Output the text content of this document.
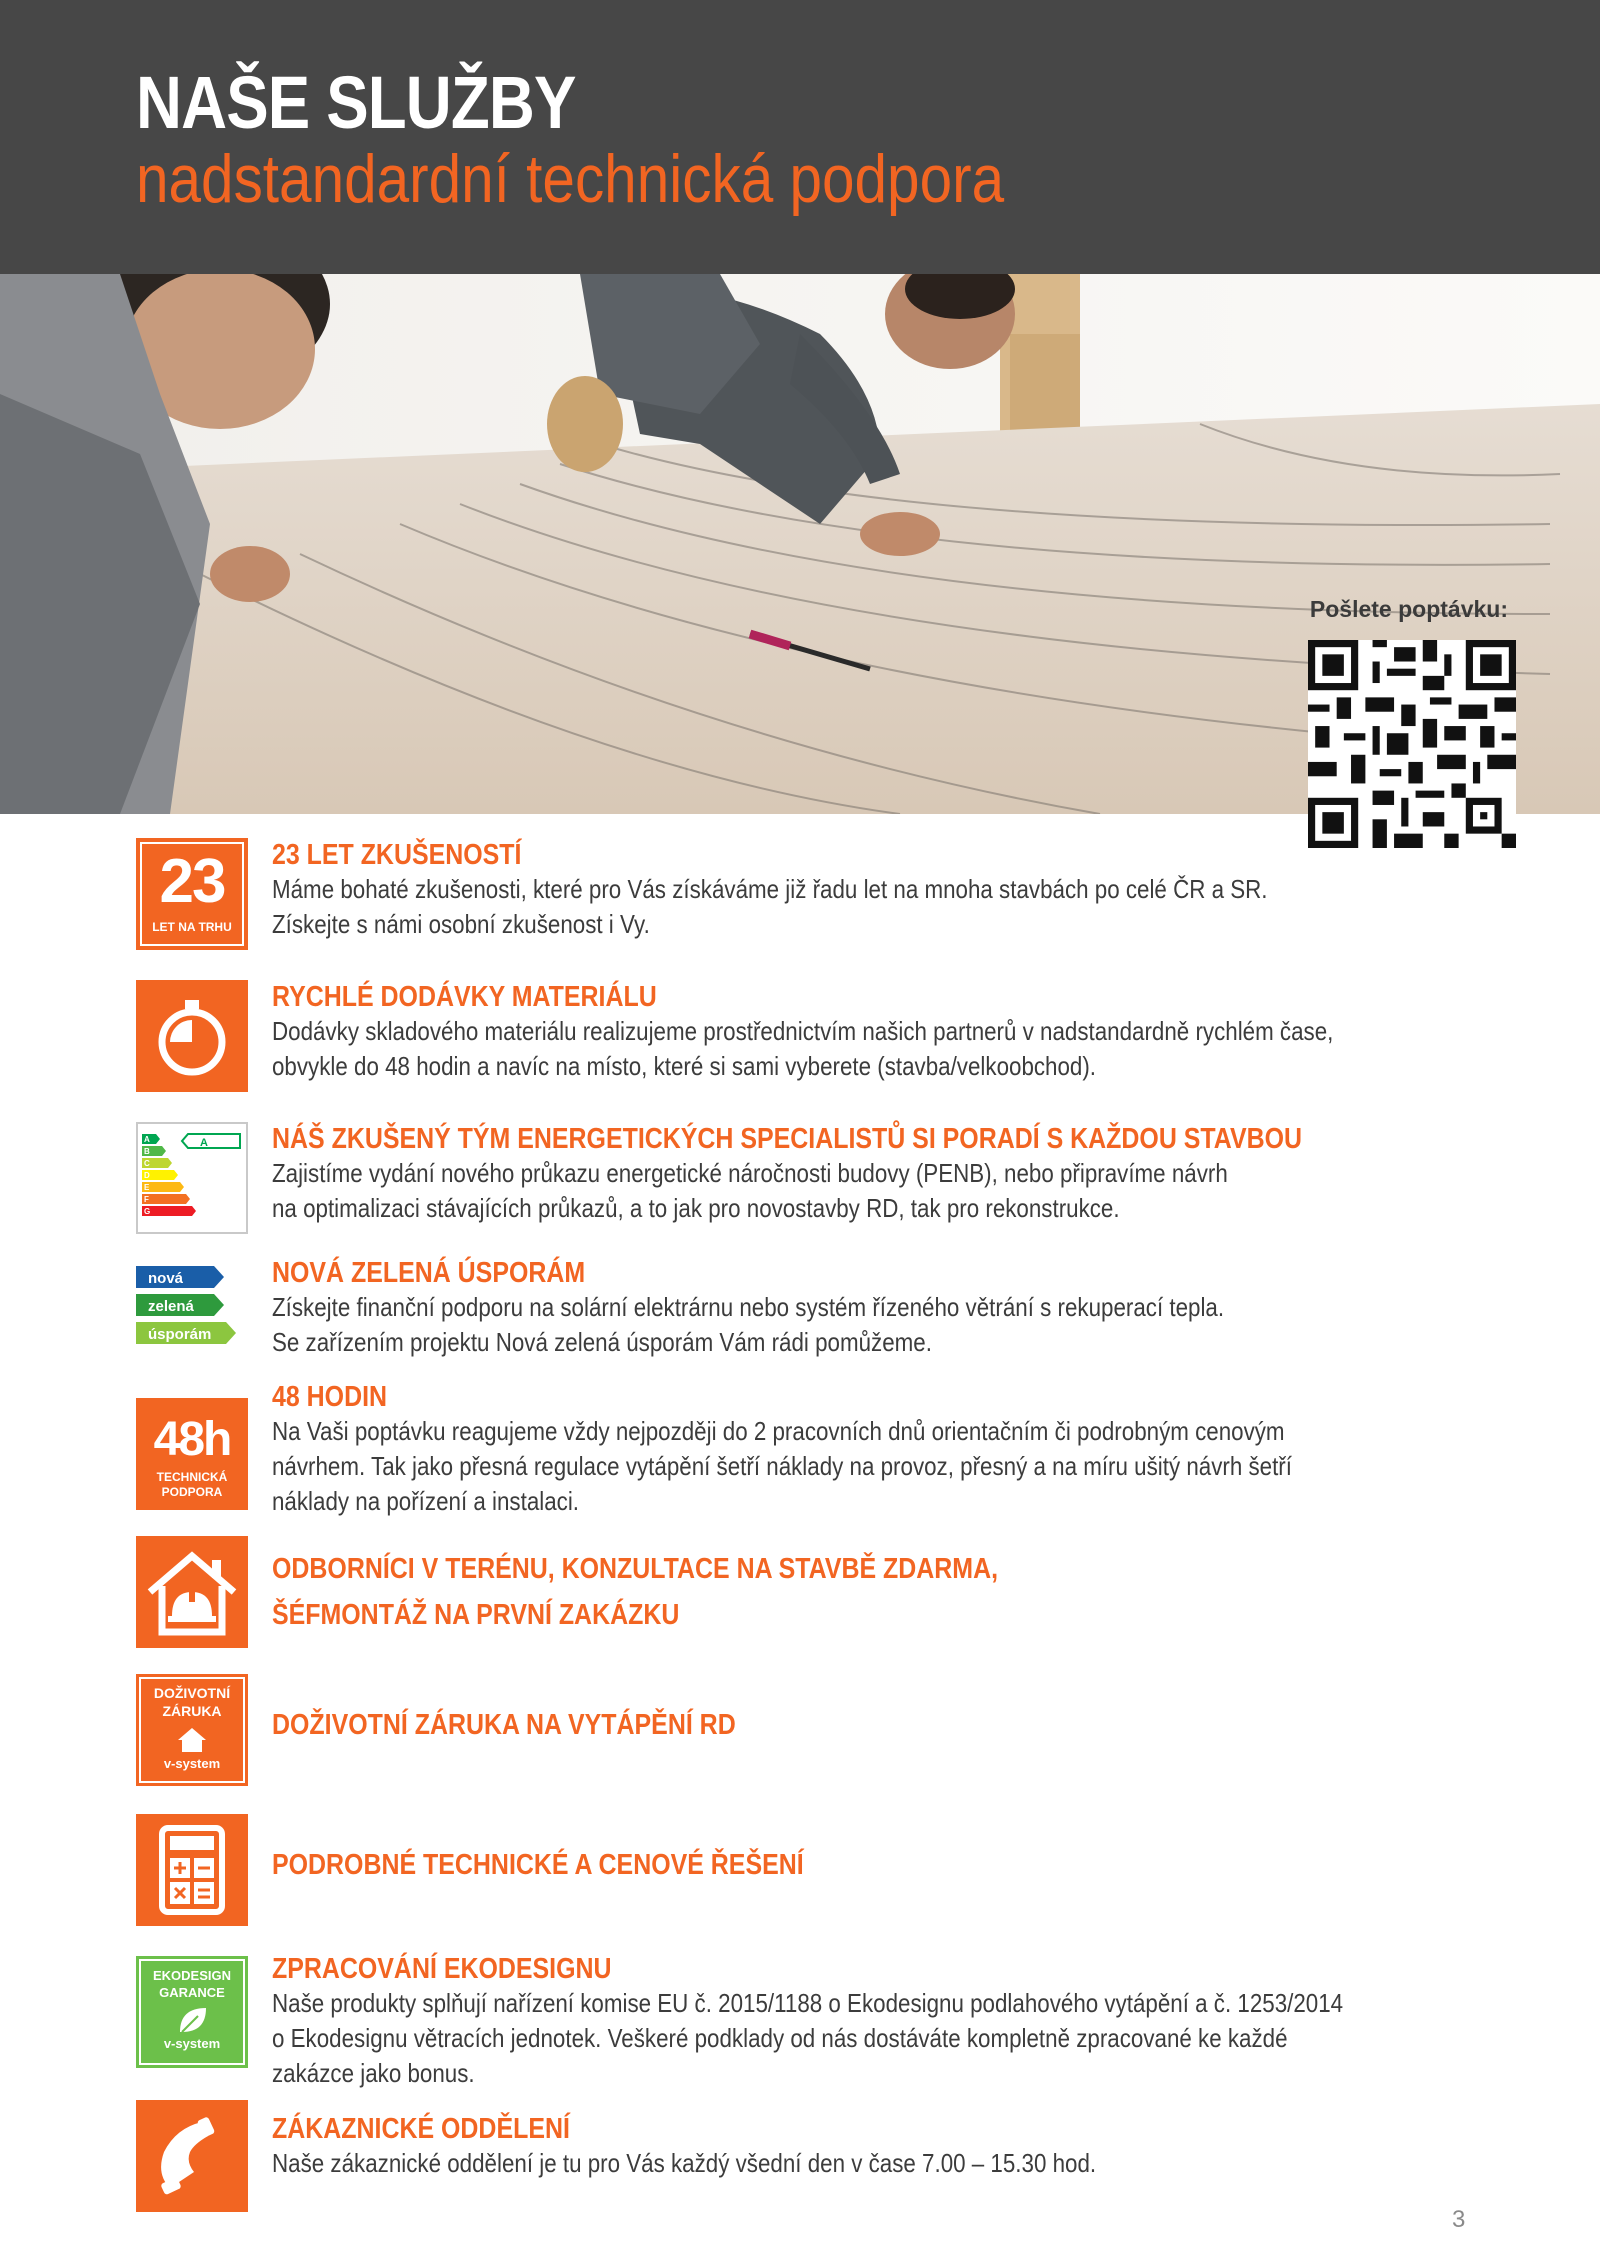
NAŠE SLUŽBY
nadstandardní technická podpora
Pošlete poptávku:
23
LET NA TRHU
23 LET ZKUŠENOSTÍ

Máme bohaté zkušenosti, které pro Vás získáváme již řadu let na mnoha stavbách po celé ČR a SR.

Získejte s námi osobní zkušenost i Vy.

RYCHLÉ DODÁVKY MATERIÁLU

Dodávky skladového materiálu realizujeme prostřednictvím našich partnerů v nadstandardně rychlém čase,

obvykle do 48 hodin a navíc na místo, které si sami vyberete (stavba/velkoobchod).

A
B
C
D
E
F
G
A NÁŠ ZKUŠENÝ TÝM ENERGETICKÝCH SPECIALISTŮ SI PORADÍ S KAŽDOU STAVBOU

Zajistíme vydání nového průkazu energetické náročnosti budovy (PENB), nebo připravíme návrh

na optimalizaci stávajících průkazů, a to jak pro novostavby RD, tak pro rekonstrukce.

nová
zelená
úsporám
NOVÁ ZELENÁ ÚSPORÁM

Získejte finanční podporu na solární elektrárnu nebo systém řízeného větrání s rekuperací tepla.

Se zařízením projektu Nová zelená úsporám Vám rádi pomůžeme.

48h
TECHNICKÁ
PODPORA
48 HODIN

Na Vaši poptávku reagujeme vždy nejpozději do 2 pracovních dnů orientačním či podrobným cenovým

návrhem. Tak jako přesná regulace vytápění šetří náklady na provoz, přesný a na míru ušitý návrh šetří

náklady na pořízení a instalaci.

ODBORNÍCI V TERÉNU, KONZULTACE NA STAVBĚ ZDARMA,
ŠÉFMONTÁŽ NA PRVNÍ ZAKÁZKU
DOŽIVOTNÍ
ZÁRUKA
v-system
DOŽIVOTNÍ ZÁRUKA NA VYTÁPĚNÍ RD
PODROBNÉ TECHNICKÉ A CENOVÉ ŘEŠENÍ
EKODESIGN
GARANCE
v-system
ZPRACOVÁNÍ EKODESIGNU

Naše produkty splňují nařízení komise EU č. 2015/1188 o Ekodesignu podlahového vytápění a č. 1253/2014

o Ekodesignu větracích jednotek. Veškeré podklady od nás dostáváte kompletně zpracované ke každé

zakázce jako bonus.

ZÁKAZNICKÉ ODDĚLENÍ

Naše zákaznické oddělení je tu pro Vás každý všední den v čase 7.00 – 15.30 hod.

3
